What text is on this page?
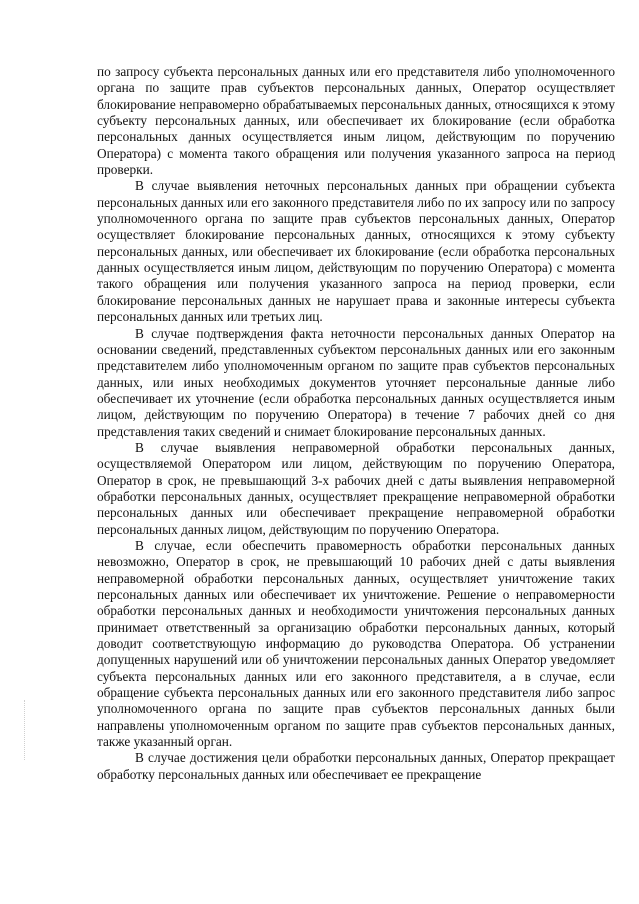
по запросу субъекта персональных данных или его представителя либо уполномоченного органа по защите прав субъектов персональных данных, Оператор осуществляет блокирование неправомерно обрабатываемых персональных данных, относящихся к этому субъекту персональных данных, или обеспечивает их блокирование (если обработка персональных данных осуществляется иным лицом, действующим по поручению Оператора) с момента такого обращения или получения указанного запроса на период проверки.

В случае выявления неточных персональных данных при обращении субъекта персональных данных или его законного представителя либо по их запросу или по запросу уполномоченного органа по защите прав субъектов персональных данных, Оператор осуществляет блокирование персональных данных, относящихся к этому субъекту персональных данных, или обеспечивает их блокирование (если обработка персональных данных осуществляется иным лицом, действующим по поручению Оператора) с момента такого обращения или получения указанного запроса на период проверки, если блокирование персональных данных не нарушает права и законные интересы субъекта персональных данных или третьих лиц.

В случае подтверждения факта неточности персональных данных Оператор на основании сведений, представленных субъектом персональных данных или его законным представителем либо уполномоченным органом по защите прав субъектов персональных данных, или иных необходимых документов уточняет персональные данные либо обеспечивает их уточнение (если обработка персональных данных осуществляется иным лицом, действующим по поручению Оператора) в течение 7 рабочих дней со дня представления таких сведений и снимает блокирование персональных данных.

В случае выявления неправомерной обработки персональных данных, осуществляемой Оператором или лицом, действующим по поручению Оператора, Оператор в срок, не превышающий 3-х рабочих дней с даты выявления неправомерной обработки персональных данных, осуществляет прекращение неправомерной обработки персональных данных или обеспечивает прекращение неправомерной обработки персональных данных лицом, действующим по поручению Оператора.

В случае, если обеспечить правомерность обработки персональных данных невозможно, Оператор в срок, не превышающий 10 рабочих дней с даты выявления неправомерной обработки персональных данных, осуществляет уничтожение таких персональных данных или обеспечивает их уничтожение. Решение о неправомерности обработки персональных данных и необходимости уничтожения персональных данных принимает ответственный за организацию обработки персональных данных, который доводит соответствующую информацию до руководства Оператора. Об устранении допущенных нарушений или об уничтожении персональных данных Оператор уведомляет субъекта персональных данных или его законного представителя, а в случае, если обращение субъекта персональных данных или его законного представителя либо запрос уполномоченного органа по защите прав субъектов персональных данных были направлены уполномоченным органом по защите прав субъектов персональных данных, также указанный орган.

В случае достижения цели обработки персональных данных, Оператор прекращает обработку персональных данных или обеспечивает ее прекращение
